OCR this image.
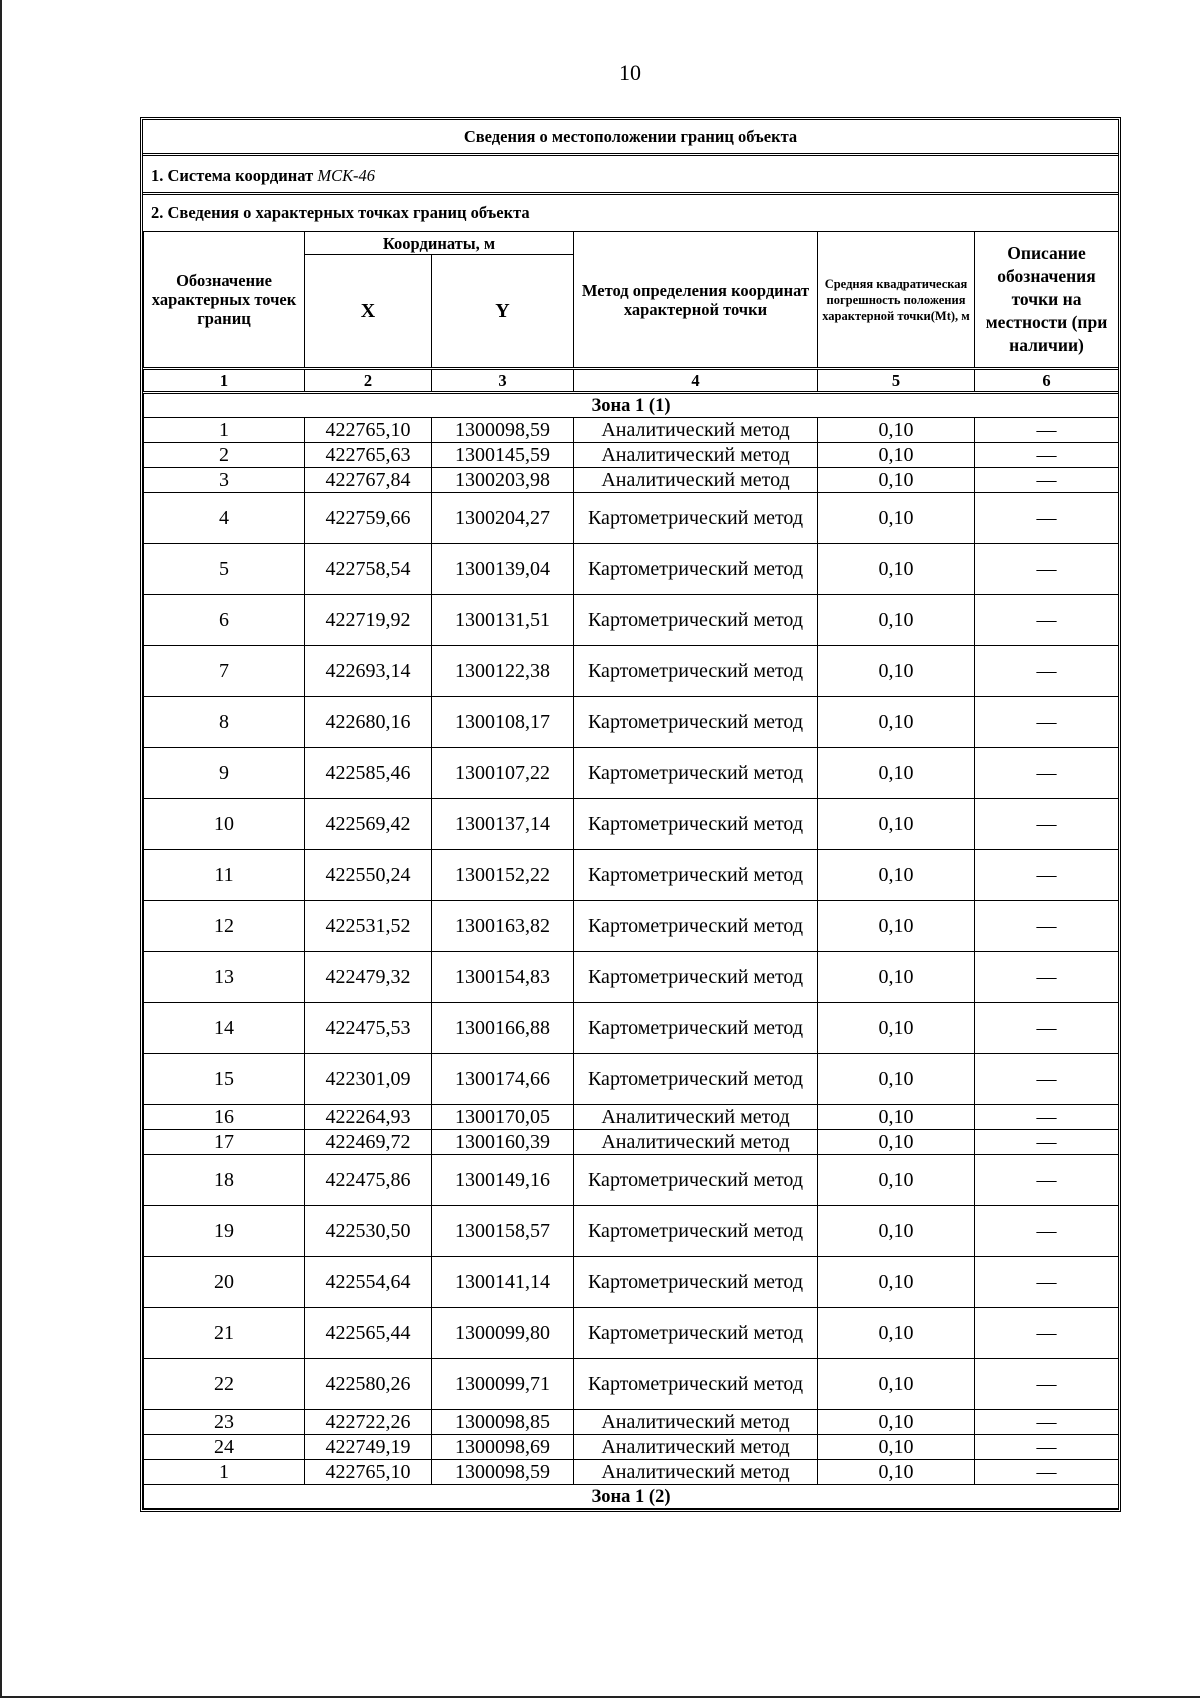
10
Сведения о местоположении границ объекта
1. Система координат МСК-46
2. Сведения о характерных точках границ объекта
Обозначение характерных точек границ	Координаты, м		Метод определения координат характерной точки	Средняя квадратическая погрешность положения характерной точки(Mt), м	Описание обозначения точки на местности (при наличии)
	X	Y			
1	2	3	4	5	6
Зона 1 (1)					
1	422765,10	1300098,59	Аналитический метод	0,10	—
2	422765,63	1300145,59	Аналитический метод	0,10	—
3	422767,84	1300203,98	Аналитический метод	0,10	—
4	422759,66	1300204,27	Картометрический метод	0,10	—
5	422758,54	1300139,04	Картометрический метод	0,10	—
6	422719,92	1300131,51	Картометрический метод	0,10	—
7	422693,14	1300122,38	Картометрический метод	0,10	—
8	422680,16	1300108,17	Картометрический метод	0,10	—
9	422585,46	1300107,22	Картометрический метод	0,10	—
10	422569,42	1300137,14	Картометрический метод	0,10	—
11	422550,24	1300152,22	Картометрический метод	0,10	—
12	422531,52	1300163,82	Картометрический метод	0,10	—
13	422479,32	1300154,83	Картометрический метод	0,10	—
14	422475,53	1300166,88	Картометрический метод	0,10	—
15	422301,09	1300174,66	Картометрический метод	0,10	—
16	422264,93	1300170,05	Аналитический метод	0,10	—
17	422469,72	1300160,39	Аналитический метод	0,10	—
18	422475,86	1300149,16	Картометрический метод	0,10	—
19	422530,50	1300158,57	Картометрический метод	0,10	—
20	422554,64	1300141,14	Картометрический метод	0,10	—
21	422565,44	1300099,80	Картометрический метод	0,10	—
22	422580,26	1300099,71	Картометрический метод	0,10	—
23	422722,26	1300098,85	Аналитический метод	0,10	—
24	422749,19	1300098,69	Аналитический метод	0,10	—
1	422765,10	1300098,59	Аналитический метод	0,10	—
Зона 1 (2)					
